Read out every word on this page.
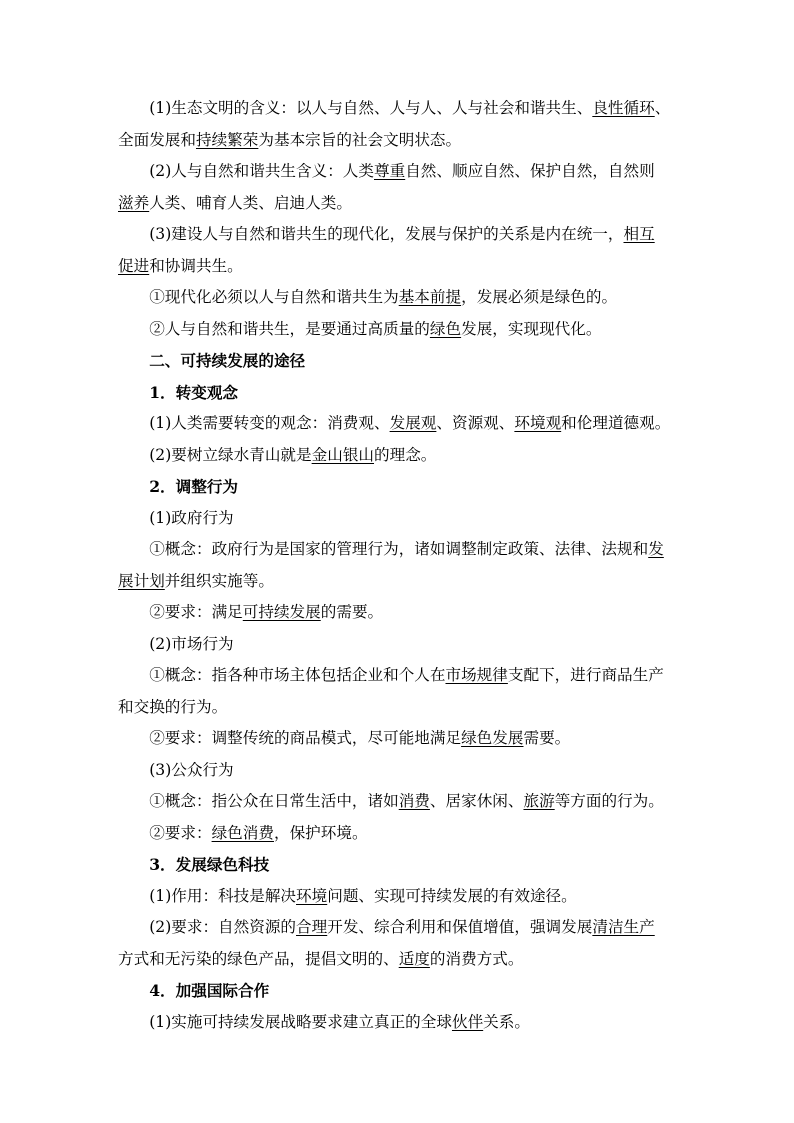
(1)生态文明的含义：以人与自然、人与人、人与社会和谐共生、良性循环、

全面发展和持续繁荣为基本宗旨的社会文明状态。

(2)人与自然和谐共生含义：人类尊重自然、顺应自然、保护自然，自然则

滋养人类、哺育人类、启迪人类。

(3)建设人与自然和谐共生的现代化，发展与保护的关系是内在统一，相互

促进和协调共生。

①现代化必须以人与自然和谐共生为基本前提，发展必须是绿色的。

②人与自然和谐共生，是要通过高质量的绿色发展，实现现代化。

二、可持续发展的途径

1．转变观念

(1)人类需要转变的观念：消费观、发展观、资源观、环境观和伦理道德观。

(2)要树立绿水青山就是金山银山的理念。

2．调整行为

(1)政府行为

①概念：政府行为是国家的管理行为，诸如调整制定政策、法律、法规和发

展计划并组织实施等。

②要求：满足可持续发展的需要。

(2)市场行为

①概念：指各种市场主体包括企业和个人在市场规律支配下，进行商品生产

和交换的行为。

②要求：调整传统的商品模式，尽可能地满足绿色发展需要。

(3)公众行为

①概念：指公众在日常生活中，诸如消费、居家休闲、旅游等方面的行为。

②要求：绿色消费，保护环境。

3．发展绿色科技

(1)作用：科技是解决环境问题、实现可持续发展的有效途径。

(2)要求：自然资源的合理开发、综合利用和保值增值，强调发展清洁生产

方式和无污染的绿色产品，提倡文明的、适度的消费方式。

4．加强国际合作

(1)实施可持续发展战略要求建立真正的全球伙伴关系。
